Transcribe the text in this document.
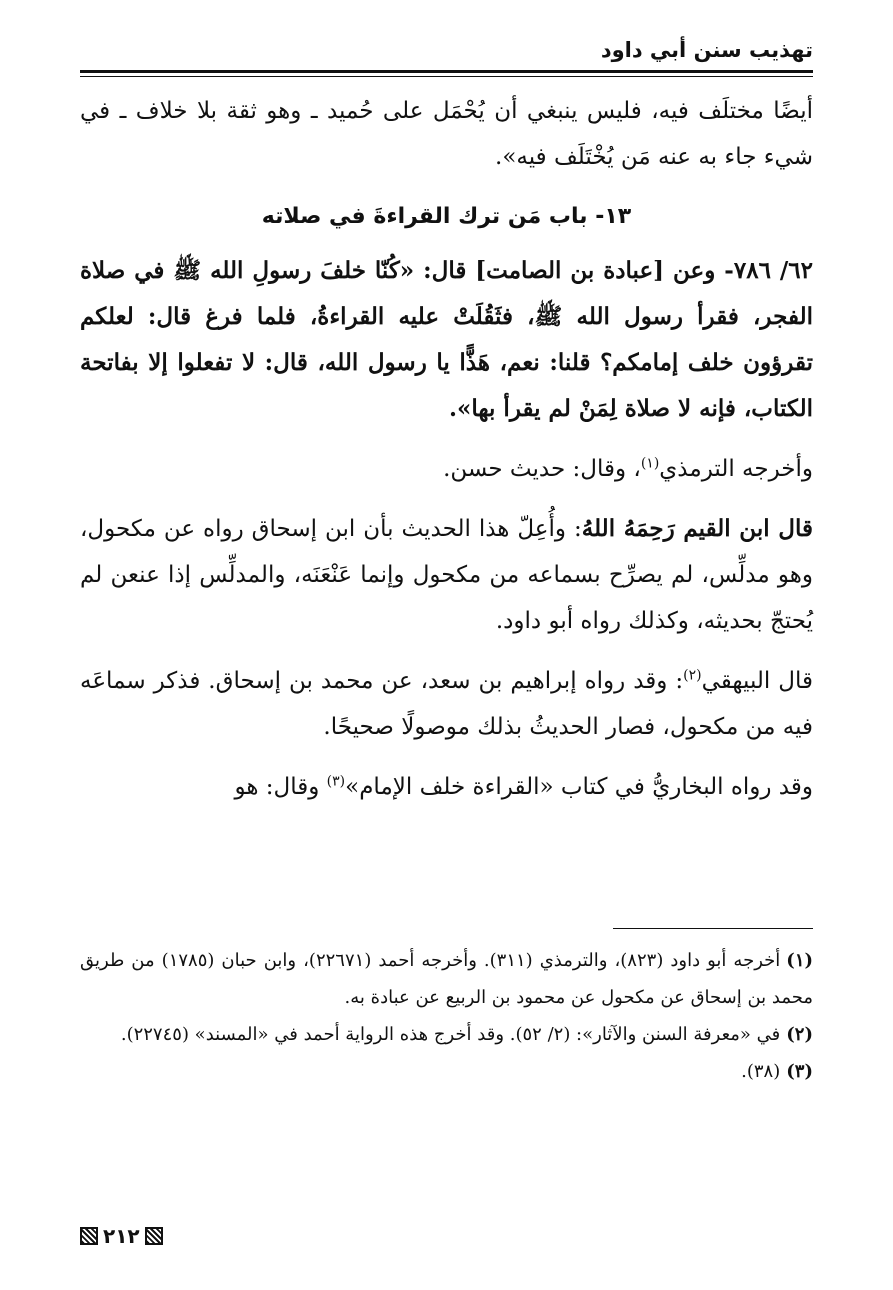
تهذيب سنن أبي داود

أيضًا مختلَف فيه، فليس ينبغي أن يُحْمَل على حُميد ـ وهو ثقة بلا خلاف ـ في شيء جاء به عنه مَن يُخْتَلَف فيه».

١٣- باب مَن ترك القراءةَ في صلاته

٦٢/ ٧٨٦- وعن [عبادة بن الصامت] قال: «كُنّا خلفَ رسولِ الله ﷺ في صلاة الفجر، فقرأ رسول الله ﷺ، فثَقُلَتْ عليه القراءةُ، فلما فرغ قال: لعلكم تقرؤون خلف إمامكم؟ قلنا: نعم، هَذًّا يا رسول الله، قال: لا تفعلوا إلا بفاتحة الكتاب، فإنه لا صلاة لِمَنْ لم يقرأ بها».

وأخرجه الترمذي$^{(١)}$، وقال: حديث حسن.

قال ابن القيم رَحِمَهُ اللهُ: وأُعِلّ هذا الحديث بأن ابن إسحاق رواه عن مكحول، وهو مدلِّس، لم يصرِّح بسماعه من مكحول وإنما عَنْعَنَه، والمدلِّس إذا عنعن لم يُحتجّ بحديثه، وكذلك رواه أبو داود.

قال البيهقي$^{(٢)}$: وقد رواه إبراهيم بن سعد، عن محمد بن إسحاق. فذكر سماعَه فيه من مكحول، فصار الحديثُ بذلك موصولًا صحيحًا.

وقد رواه البخاريُّ في كتاب «القراءة خلف الإمام»$^{(٣)}$ وقال: هو

(١)أخرجه أبو داود (٨٢٣)، والترمذي (٣١١). وأخرجه أحمد (٢٢٦٧١)، وابن حبان (١٧٨٥) من طريق محمد بن إسحاق عن مكحول عن محمود بن الربيع عن عبادة به.

(٢)في «معرفة السنن والآثار»: (٢/ ٥٢). وقد أخرج هذه الرواية أحمد في «المسند» (٢٢٧٤٥).

(٣)(٣٨).

٢١٢
